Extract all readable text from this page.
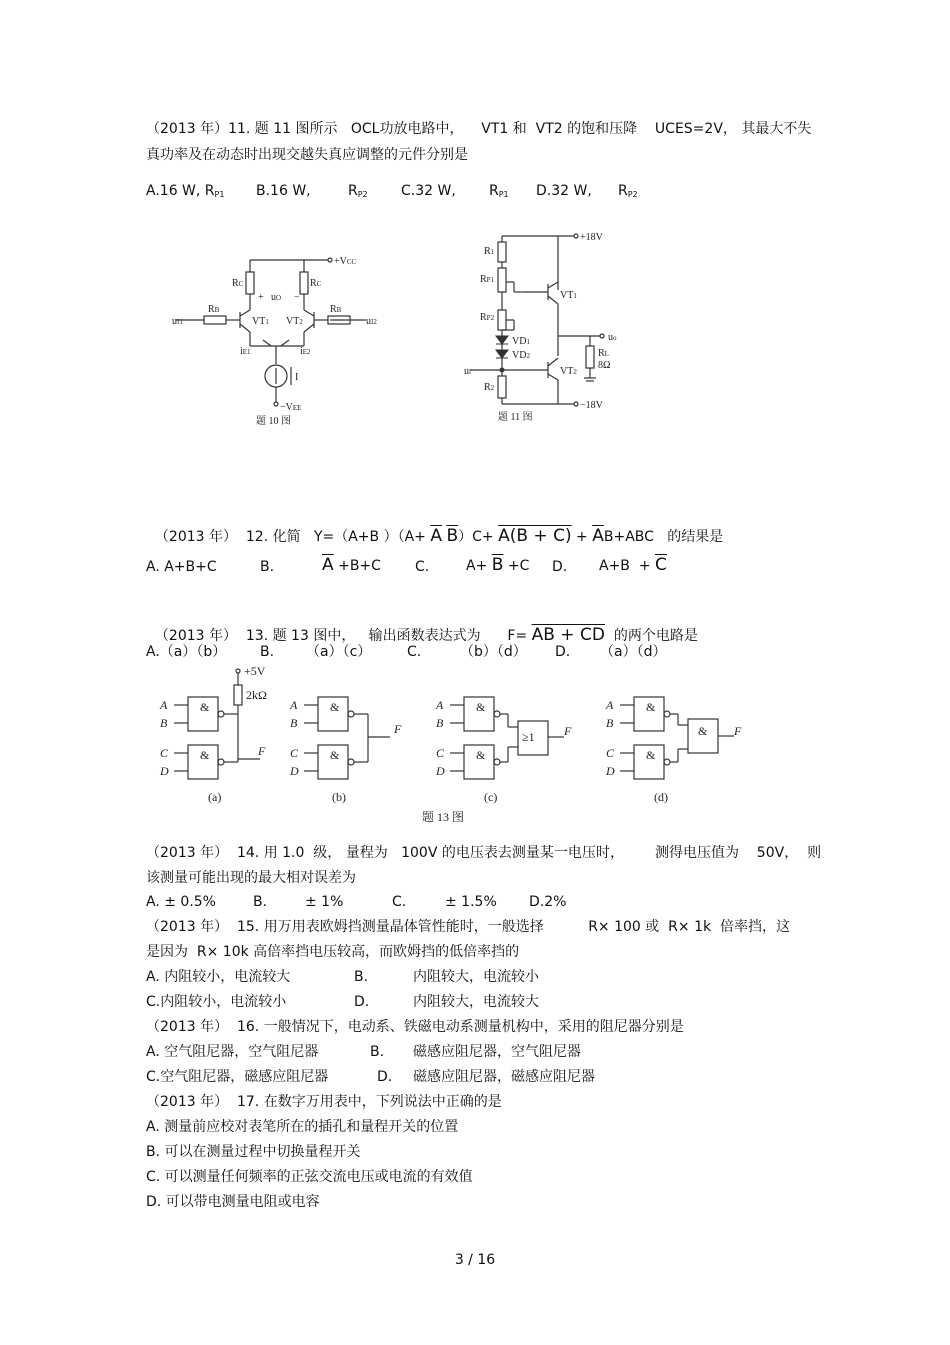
（2013 年）11. 题 11 图所示   OCL功放电路中，    VT1 和  VT2 的饱和压降    UCES=2V， 其最大不失
真功率及在动态时出现交越失真应调整的元件分别是
A.16 W, $R_{P1}$ B.16 W,	$R_{P2}$ C.32 W, $R_{P1}$ D.32 W, $R_{P2}$
+VCC
RC	RC
+	−
uO
RB	RB
VT1 VT2
uI1	uI2
iE1	iE2
I
−VEE
题 10 图
+18V
R1
RP1
RP2
VD1
VD2
R2
VT1
VT2
RL
8Ω
ui
uo
−18V
题 11 图

（2013 年）  12. 化简   Y=（A+B ）（$A+ \overline{A}$ $\overline{B})C+ A(B + C) + \overline{A}B+ABC$   的结果是

A. A+B+C	B.	$\overline{A} +B+C$ C.	$A+ \overline{B} +C$ D. $A+B + \overline{C}$

（2013 年）  13. 题 13 图中，   输出函数表达式为      F= AB + CD  的两个电路是

A.（a）（b） B. （a）（c）	C.	（b）（d） D. （a）（d）
+5V
2kΩ
&
&
&
&
&
&
≥1
&
&
&
A
B
C
D
A
B
C
D
A
B
C
D
A
B
C
D
F
F	F	F
(a)	(b)	(c)	(d)
题 13 图
（2013 年）  14. 用 1.0  级， 量程为   100V 的电压表去测量某一电压时，       测得电压值为    50V，  则
该测量可能出现的最大相对误差为
A. ± 0.5%	B.	± 1%	C.	± 1.5% D.2%
（2013 年）  15. 用万用表欧姆挡测量晶体管性能时，一般选择          R× 100 或  R× 1k  倍率挡，这
是因为  R× 10k 高倍率挡电压较高，而欧姆挡的低倍率挡的
A. 内阻较小，电流较大	B.	内阻较大，电流较小
C.内阻较小，电流较小	D.	内阻较大，电流较大
（2013 年）  16. 一般情况下，电动系、铁磁电动系测量机构中，采用的阻尼器分别是
A. 空气阻尼器，空气阻尼器	B. 磁感应阻尼器，空气阻尼器
C.空气阻尼器，磁感应阻尼器	D. 磁感应阻尼器，磁感应阻尼器
（2013 年）  17. 在数字万用表中，下列说法中正确的是
A. 测量前应校对表笔所在的插孔和量程开关的位置
B. 可以在测量过程中切换量程开关
C. 可以测量任何频率的正弦交流电压或电流的有效值
D. 可以带电测量电阻或电容
3 / 16
